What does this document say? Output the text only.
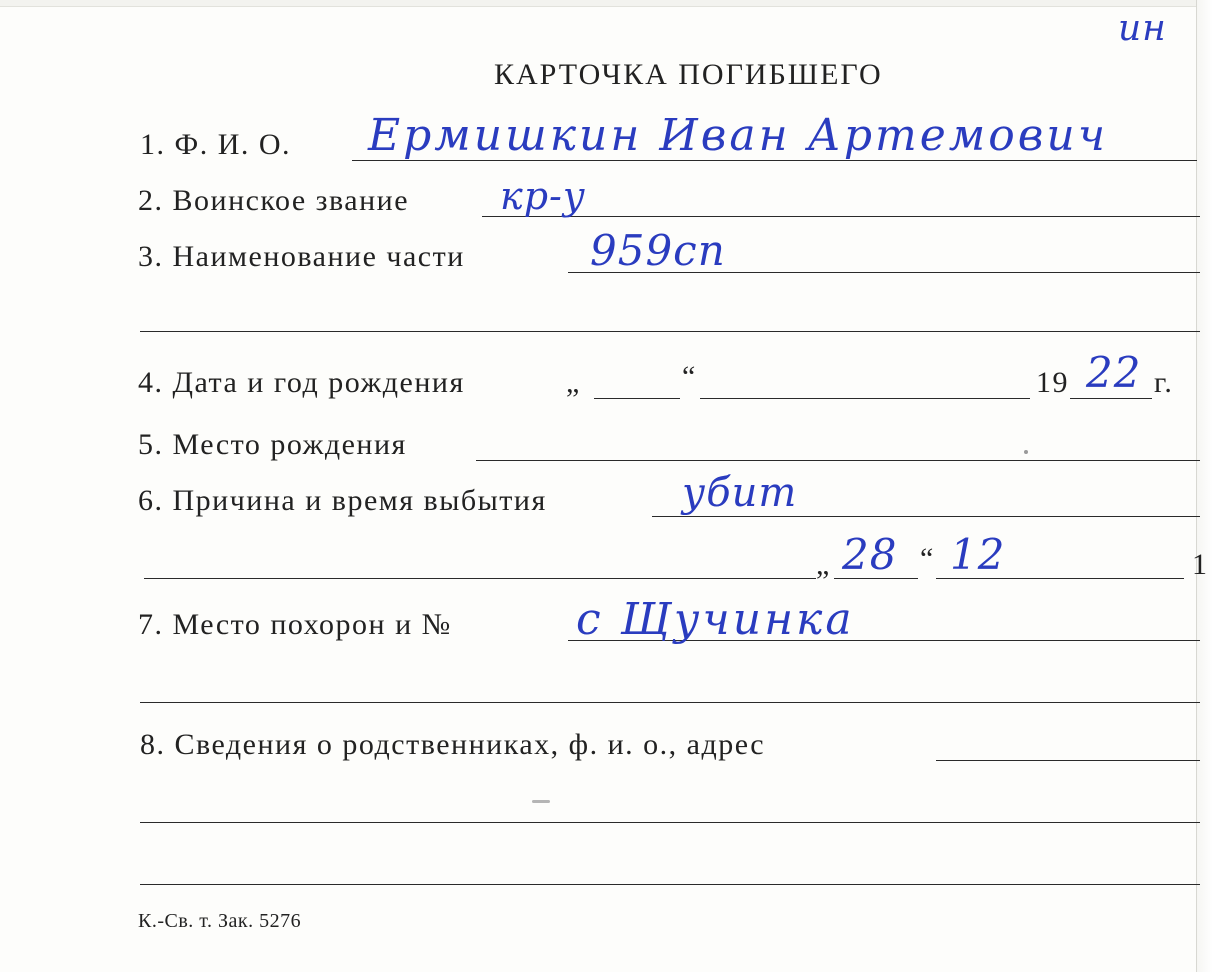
ин
КАРТОЧКА ПОГИБШЕГО
1. Ф. И. О. Ермишкин Иван Артемович
2. Воинское звание кр-у
3. Наименование части	959сп
4. Дата и год рождения	„	“	19 22 г.
5. Место рождения
6. Причина и время выбытия	убит
„ 28 “ 12	1
7. Место похорон и №	с Щучинка
8. Сведения о родственниках, ф. и. о., адрес
К.-Св. т. Зак. 5276
